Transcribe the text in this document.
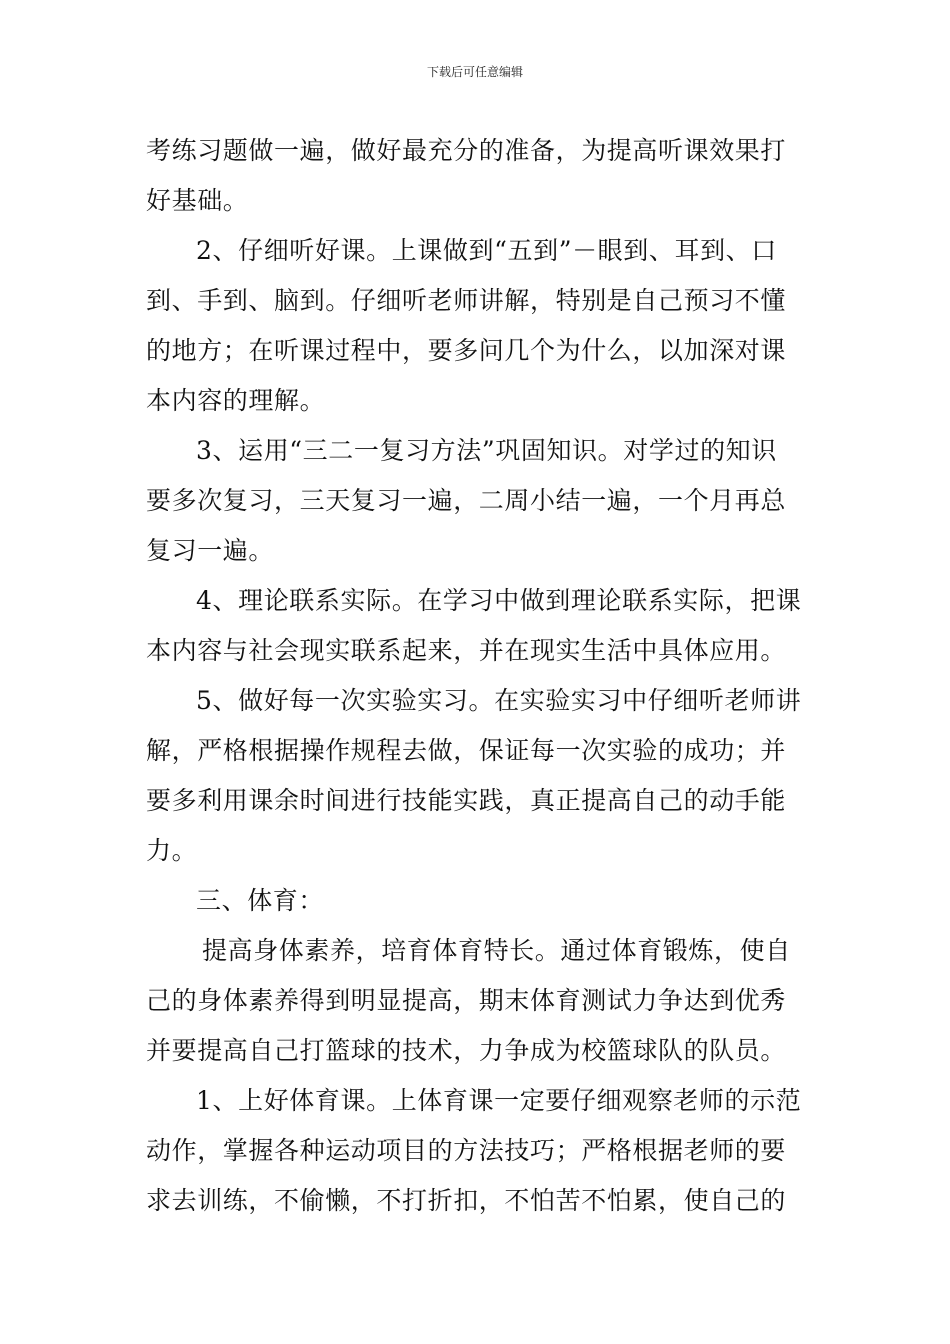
下载后可任意编辑
考练习题做一遍，做好最充分的准备，为提高听课效果打
好基础。
2、仔细听好课。上课做到“五到”－眼到、耳到、口
到、手到、脑到。仔细听老师讲解，特别是自己预习不懂
的地方；在听课过程中，要多问几个为什么，以加深对课
本内容的理解。
3、运用“三二一复习方法”巩固知识。对学过的知识
要多次复习，三天复习一遍，二周小结一遍，一个月再总
复习一遍。
4、理论联系实际。在学习中做到理论联系实际，把课
本内容与社会现实联系起来，并在现实生活中具体应用。
5、做好每一次实验实习。在实验实习中仔细听老师讲
解，严格根据操作规程去做，保证每一次实验的成功；并
要多利用课余时间进行技能实践，真正提高自己的动手能
力。
三、体育：
提高身体素养，培育体育特长。通过体育锻炼，使自
己的身体素养得到明显提高，期末体育测试力争达到优秀
并要提高自己打篮球的技术，力争成为校篮球队的队员。
1、上好体育课。上体育课一定要仔细观察老师的示范
动作，掌握各种运动项目的方法技巧；严格根据老师的要
求去训练，不偷懒，不打折扣，不怕苦不怕累，使自己的
